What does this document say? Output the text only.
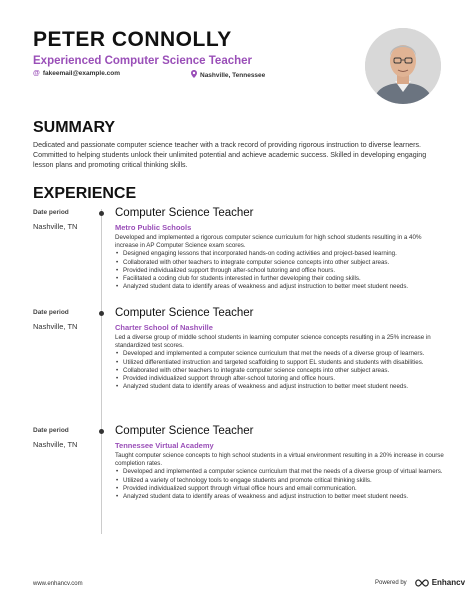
PETER CONNOLLY
Experienced Computer Science Teacher
@ fakeemail@example.com	Nashville, Tennessee
SUMMARY
Dedicated and passionate computer science teacher with a track record of providing rigorous instruction to diverse learners. Committed to helping students unlock their unlimited potential and achieve academic success. Skilled in developing engaging lesson plans and promoting critical thinking skills.
EXPERIENCE
Date period
Nashville, TN
Computer Science Teacher
Metro Public Schools
Developed and implemented a rigorous computer science curriculum for high school students resulting in a 40% increase in AP Computer Science exam scores.
• Designed engaging lessons that incorporated hands-on coding activities and project-based learning.
• Collaborated with other teachers to integrate computer science concepts into other subject areas.
• Provided individualized support through after-school tutoring and office hours.
• Facilitated a coding club for students interested in further developing their coding skills.
• Analyzed student data to identify areas of weakness and adjust instruction to better meet student needs.
Date period
Nashville, TN
Computer Science Teacher
Charter School of Nashville
Led a diverse group of middle school students in learning computer science concepts resulting in a 25% increase in standardized test scores.
• Developed and implemented a computer science curriculum that met the needs of a diverse group of learners.
• Utilized differentiated instruction and targeted scaffolding to support EL students and students with disabilities.
• Collaborated with other teachers to integrate computer science concepts into other subject areas.
• Provided individualized support through after-school tutoring and office hours.
• Analyzed student data to identify areas of weakness and adjust instruction to better meet student needs.
Date period
Nashville, TN
Computer Science Teacher
Tennessee Virtual Academy
Taught computer science concepts to high school students in a virtual environment resulting in a 20% increase in course completion rates.
• Developed and implemented a computer science curriculum that met the needs of a diverse group of virtual learners.
• Utilized a variety of technology tools to engage students and promote critical thinking skills.
• Provided individualized support through virtual office hours and email communication.
• Analyzed student data to identify areas of weakness and adjust instruction to better meet student needs.
www.enhancv.com	Powered by	Enhancv
